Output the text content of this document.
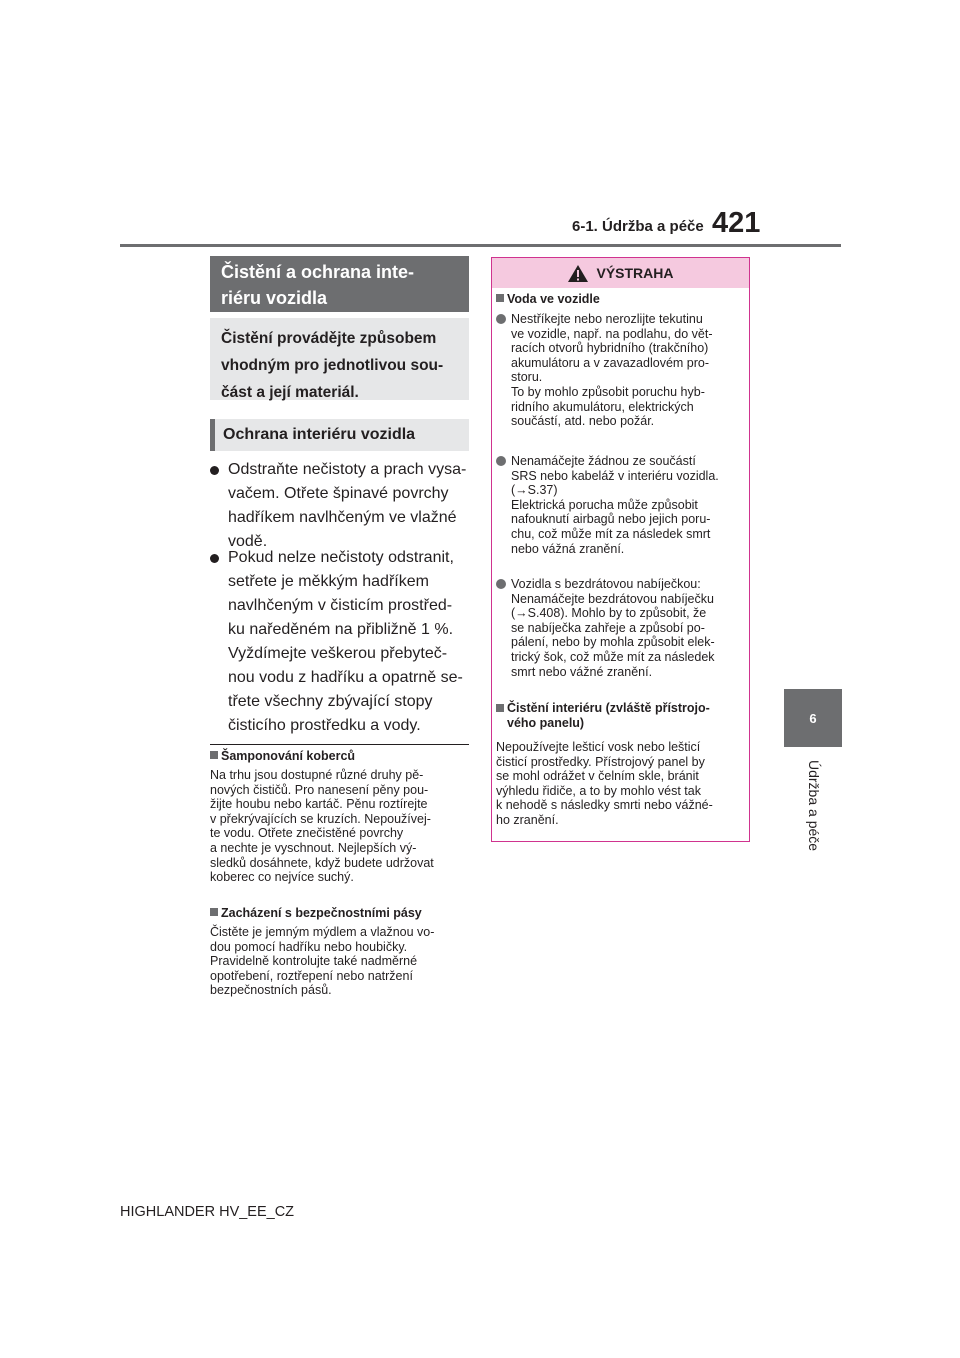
6-1. Údržba a péče 421
6
Údržba a péče
Čistění a ochrana inte-
riéru vozidla
Čistění provádějte způsobem vhodným pro jednotlivou sou-část a její materiál.
Ochrana interiéru vozidla
Odstraňte nečistoty a prach vysa-
vačem. Otřete špinavé povrchy
hadříkem navlhčeným ve vlažné
vodě.
Pokud nelze nečistoty odstranit,
setřete je měkkým hadříkem
navlhčeným v čisticím prostřed-
ku naředěném na přibližně 1 %.
Vyždímejte veškerou přebyteč-
nou vodu z hadříku a opatrně se-
třete všechny zbývající stopy
čisticího prostředku a vody.
Šamponování koberců
Na trhu jsou dostupné různé druhy pě-
nových čističů. Pro nanesení pěny pou-
žijte houbu nebo kartáč. Pěnu roztírejte
v překrývajících se kruzích. Nepoužívej-
te vodu. Otřete znečistěné povrchy
a nechte je vyschnout. Nejlepších vý-
sledků dosáhnete, když budete udržovat
koberec co nejvíce suchý.
Zacházení s bezpečnostními pásy
Čistěte je jemným mýdlem a vlažnou vo-
dou pomocí hadříku nebo houbičky.
Pravidelně kontrolujte také nadměrné
opotřebení, roztřepení nebo natržení
bezpečnostních pásů.
VÝSTRAHA
Voda ve vozidle
Nestříkejte nebo nerozlijte tekutinu
ve vozidle, např. na podlahu, do vět-
racích otvorů hybridního (trakčního)
akumulátoru a v zavazadlovém pro-
storu.
To by mohlo způsobit poruchu hyb-
ridního akumulátoru, elektrických
součástí, atd. nebo požár.
Nenamáčejte žádnou ze součástí
SRS nebo kabeláž v interiéru vozidla.
(→S.37)
Elektrická porucha může způsobit
nafouknutí airbagů nebo jejich poru-
chu, což může mít za následek smrt
nebo vážná zranění.
Vozidla s bezdrátovou nabíječkou:
Nenamáčejte bezdrátovou nabíječku
(→S.408). Mohlo by to způsobit, že
se nabíječka zahřeje a způsobí po-
pálení, nebo by mohla způsobit elek-
trický šok, což může mít za následek
smrt nebo vážné zranění.
Čistění interiéru (zvláště přístrojo-
vého panelu)
Nepoužívejte lešticí vosk nebo lešticí
čisticí prostředky. Přístrojový panel by
se mohl odrážet v čelním skle, bránit
výhledu řidiče, a to by mohlo vést tak
k nehodě s následky smrti nebo vážné-
ho zranění.
HIGHLANDER HV_EE_CZ
